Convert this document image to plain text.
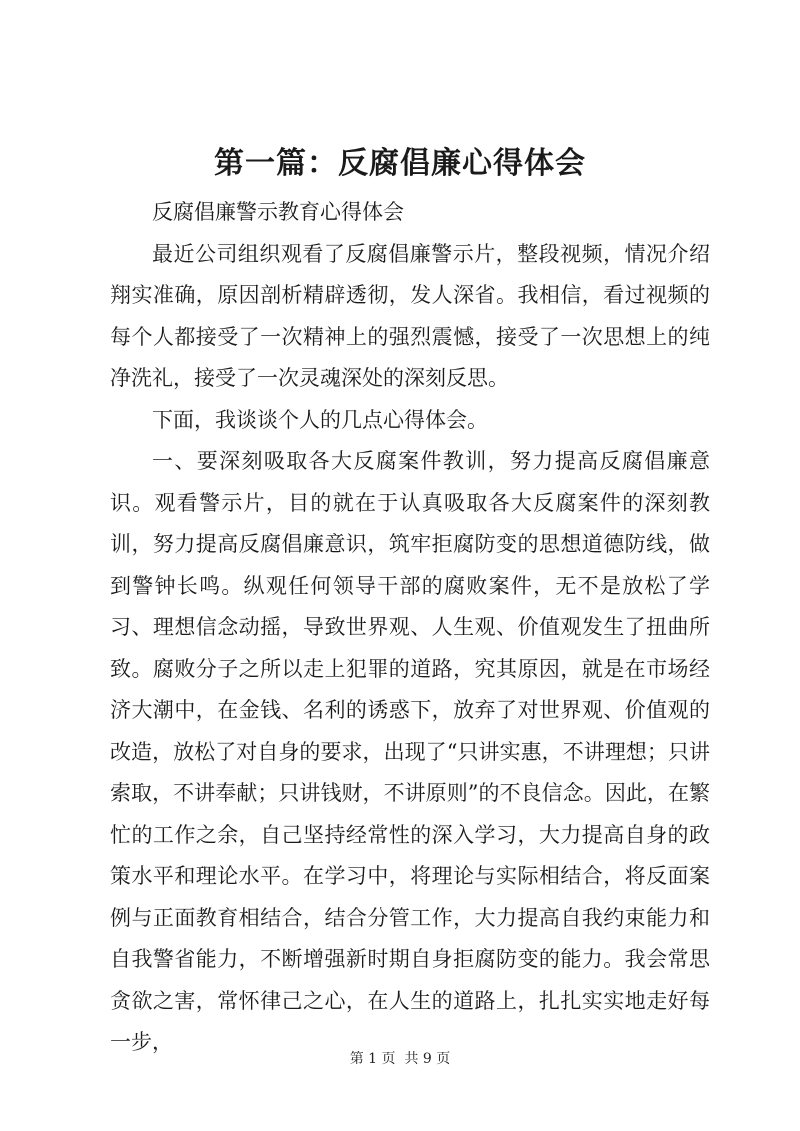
第一篇：反腐倡廉心得体会

反腐倡廉警示教育心得体会

最近公司组织观看了反腐倡廉警示片，整段视频，情况介绍翔实准确，原因剖析精辟透彻，发人深省。我相信，看过视频的每个人都接受了一次精神上的强烈震憾，接受了一次思想上的纯净洗礼，接受了一次灵魂深处的深刻反思。

下面，我谈谈个人的几点心得体会。

一、要深刻吸取各大反腐案件教训，努力提高反腐倡廉意识。观看警示片，目的就在于认真吸取各大反腐案件的深刻教训，努力提高反腐倡廉意识，筑牢拒腐防变的思想道德防线，做到警钟长鸣。纵观任何领导干部的腐败案件，无不是放松了学习、理想信念动摇，导致世界观、人生观、价值观发生了扭曲所致。腐败分子之所以走上犯罪的道路，究其原因，就是在市场经济大潮中，在金钱、名利的诱惑下，放弃了对世界观、价值观的改造，放松了对自身的要求，出现了“只讲实惠，不讲理想；只讲索取，不讲奉献；只讲钱财，不讲原则”的不良信念。因此，在繁忙的工作之余，自己坚持经常性的深入学习，大力提高自身的政策水平和理论水平。在学习中，将理论与实际相结合，将反面案例与正面教育相结合，结合分管工作，大力提高自我约束能力和自我警省能力，不断增强新时期自身拒腐防变的能力。我会常思贪欲之害，常怀律己之心，在人生的道路上，扎扎实实地走好每一步，

第 1 页  共 9 页
